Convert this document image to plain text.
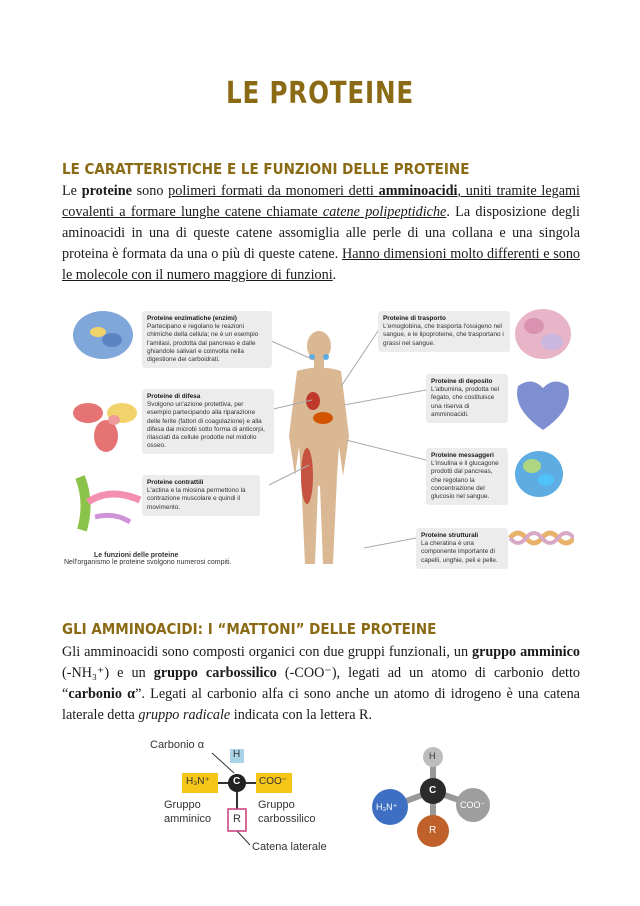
LE PROTEINE
LE CARATTERISTICHE E LE FUNZIONI DELLE PROTEINE
Le proteine sono polimeri formati da monomeri detti amminoacidi, uniti tramite legami covalenti a formare lunghe catene chiamate catene polipeptidiche. La disposizione degli aminoacidi in una di queste catene assomiglia alle perle di una collana e una singola proteina è formata da una o più di queste catene. Hanno dimensioni molto differenti e sono le molecole con il numero maggiore di funzioni.
Proteine enzimatiche (enzimi)
Partecipano e regolano le reazioni chimiche della cellula; ne è un esempio l'amilasi, prodotta dal pancreas e dalle ghiandole salivari e coinvolta nella digestione dei carboidrati.
Proteine di difesa
Svolgono un'azione protettiva, per esempio partecipando alla riparazione delle ferite (fattori di coagulazione) e alla difesa dai microbi sotto forma di anticorpi, rilasciati da cellule prodotte nel midollo osseo.
Proteine contrattili
L'actina e la miosina permettono la contrazione muscolare e quindi il movimento.
Proteine di trasporto
L'emoglobina, che trasporta l'ossigeno nel sangue, e le lipoproteine, che trasportano i grassi nel sangue.
Proteine di deposito
L'albumina, prodotta nel fegato, che costituisce una riserva di amminoacidi.
Proteine messaggeri
L'insulina e il glucagone prodotti dal pancreas, che regolano la concentrazione del glucosio nel sangue.
Proteine strutturali
La cheratina è una componente importante di capelli, unghie, peli e pelle.
Le funzioni delle proteine
Nell'organismo le proteine svolgono numerosi compiti.
GLI AMMINOACIDI: I “MATTONI” DELLE PROTEINE
Gli amminoacidi sono composti organici con due gruppi funzionali, un gruppo amminico (-NH₃⁺) e un gruppo carbossilico (-COO⁻), legati ad un atomo di carbonio detto “carbonio α”. Legati al carbonio alfa ci sono anche un atomo di idrogeno è una catena laterale detta gruppo radicale indicata con la lettera R.
Carbonio α
H
C
H₃N⁺	COO⁻
R
Gruppo
amminico
Gruppo
carbossilico
Catena laterale
H
C
H₃N⁺	COO⁻
R
